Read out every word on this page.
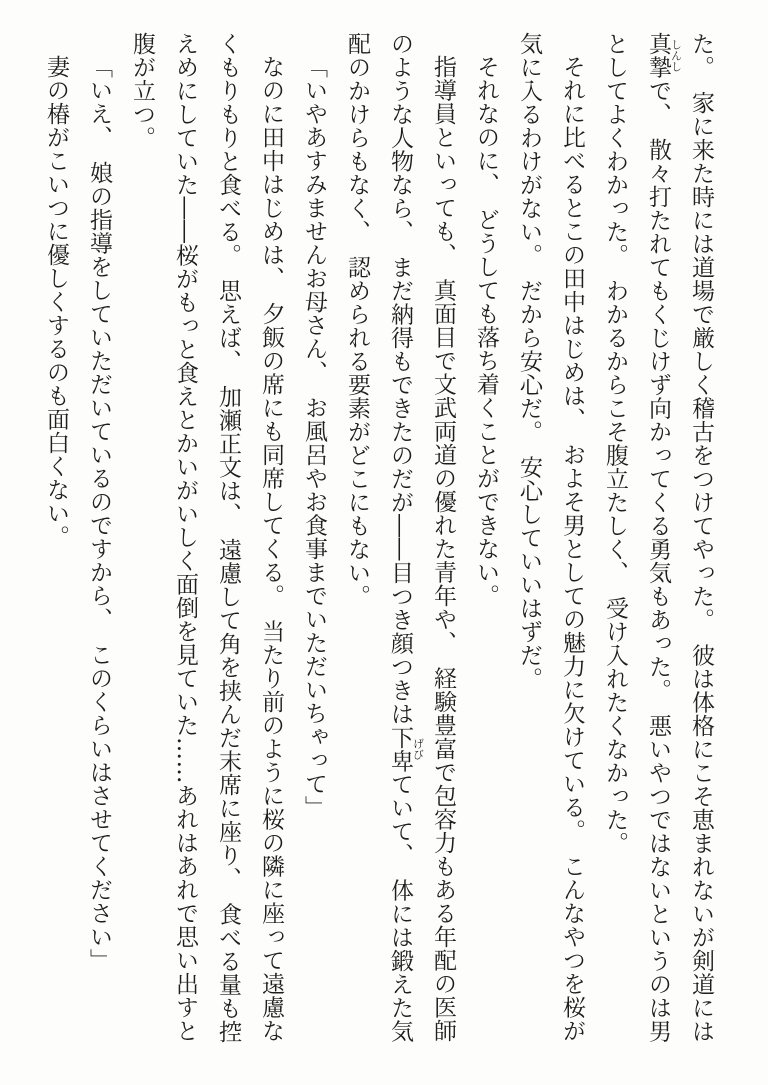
た。　家に来た時には道場で厳しく稽古をつけてやった。　彼は体格にこそ恵まれないが剣道には真摯しんしで、　散々打たれてもくじけず向かってくる勇気もあった。　悪いやつではないというのは男としてよくわかった。　わかるからこそ腹立たしく、　受け入れたくなかった。

それに比べるとこの田中はじめは、　およそ男としての魅力に欠けている。　こんなやつを桜が気に入るわけがない。　だから安心だ。　安心していいはずだ。

それなのに、　どうしても落ち着くことができない。

指導員といっても、　真面目で文武両道の優れた青年や、　経験豊富で包容力もある年配の医師のような人物なら、　まだ納得もできたのだが――目つき顔つきは下卑げびていて、　体には鍛えた気配のかけらもなく、　認められる要素がどこにもない。

「いやあすみませんお母さん、　お風呂やお食事までいただいちゃって」

なのに田中はじめは、　夕飯の席にも同席してくる。　当たり前のように桜の隣に座って遠慮なくもりもりと食べる。　思えば、　加瀬正文は、　遠慮して角を挟んだ末席に座り、　食べる量も控えめにしていた――桜がもっと食えとかいがいしく面倒を見ていた……あれはあれで思い出すと腹が立つ。

「いえ、　娘の指導をしていただいているのですから、　このくらいはさせてください」

妻の椿がこいつに優しくするのも面白くない。
